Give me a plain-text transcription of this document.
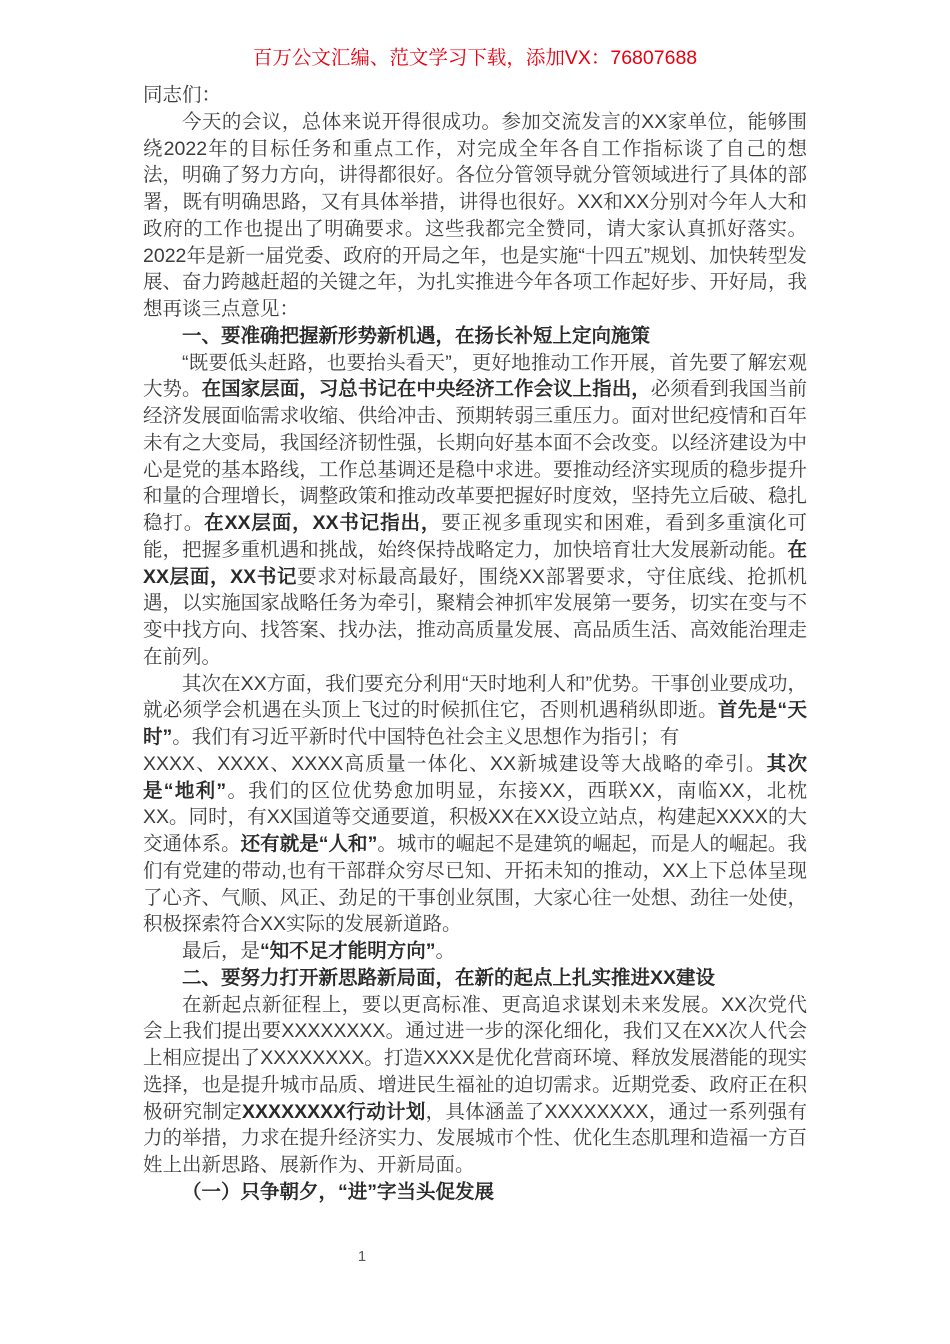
百万公文汇编、范文学习下载，添加VX：76807688

同志们：

今天的会议，总体来说开得很成功。参加交流发言的XX家单位，能够围绕2022年的目标任务和重点工作，对完成全年各自工作指标谈了自己的想法，明确了努力方向，讲得都很好。各位分管领导就分管领域进行了具体的部署，既有明确思路，又有具体举措，讲得也很好。XX和XX分别对今年人大和政府的工作也提出了明确要求。这些我都完全赞同，请大家认真抓好落实。2022年是新一届党委、政府的开局之年，也是实施“十四五”规划、加快转型发展、奋力跨越赶超的关键之年，为扎实推进今年各项工作起好步、开好局，我想再谈三点意见：

一、要准确把握新形势新机遇，在扬长补短上定向施策

“既要低头赶路，也要抬头看天”，更好地推动工作开展，首先要了解宏观大势。在国家层面，习总书记在中央经济工作会议上指出，必须看到我国当前经济发展面临需求收缩、供给冲击、预期转弱三重压力。面对世纪疫情和百年未有之大变局，我国经济韧性强，长期向好基本面不会改变。以经济建设为中心是党的基本路线，工作总基调还是稳中求进。要推动经济实现质的稳步提升和量的合理增长，调整政策和推动改革要把握好时度效，坚持先立后破、稳扎稳打。在XX层面，XX书记指出，要正视多重现实和困难，看到多重演化可能，把握多重机遇和挑战，始终保持战略定力，加快培育壮大发展新动能。在XX层面，XX书记要求对标最高最好，围绕XX部署要求，守住底线、抢抓机遇，以实施国家战略任务为牵引，聚精会神抓牢发展第一要务，切实在变与不变中找方向、找答案、找办法，推动高质量发展、高品质生活、高效能治理走在前列。

其次在XX方面，我们要充分利用“天时地利人和”优势。干事创业要成功，就必须学会机遇在头顶上飞过的时候抓住它，否则机遇稍纵即逝。首先是“天时”。我们有习近平新时代中国特色社会主义思想作为指引；有
XXXX、XXXX、XXXX高质量一体化、XX新城建设等大战略的牵引。其次是“地利”。我们的区位优势愈加明显，东接XX，西联XX，南临XX，北枕XX。同时，有XX国道等交通要道，积极XX在XX设立站点，构建起XXXX的大交通体系。还有就是“人和”。城市的崛起不是建筑的崛起，而是人的崛起。我们有党建的带动,也有干部群众穷尽已知、开拓未知的推动，XX上下总体呈现了心齐、气顺、风正、劲足的干事创业氛围，大家心往一处想、劲往一处使，积极探索符合XX实际的发展新道路。

最后，是“知不足才能明方向”。

二、要努力打开新思路新局面，在新的起点上扎实推进XX建设

在新起点新征程上，要以更高标准、更高追求谋划未来发展。XX次党代会上我们提出要XXXXXXXX。通过进一步的深化细化，我们又在XX次人代会上相应提出了XXXXXXXX。打造XXXX是优化营商环境、释放发展潜能的现实选择，也是提升城市品质、增进民生福祉的迫切需求。近期党委、政府正在积极研究制定XXXXXXXX行动计划，具体涵盖了XXXXXXXX，通过一系列强有力的举措，力求在提升经济实力、发展城市个性、优化生态肌理和造福一方百姓上出新思路、展新作为、开新局面。

（一）只争朝夕，“进”字当头促发展

1
